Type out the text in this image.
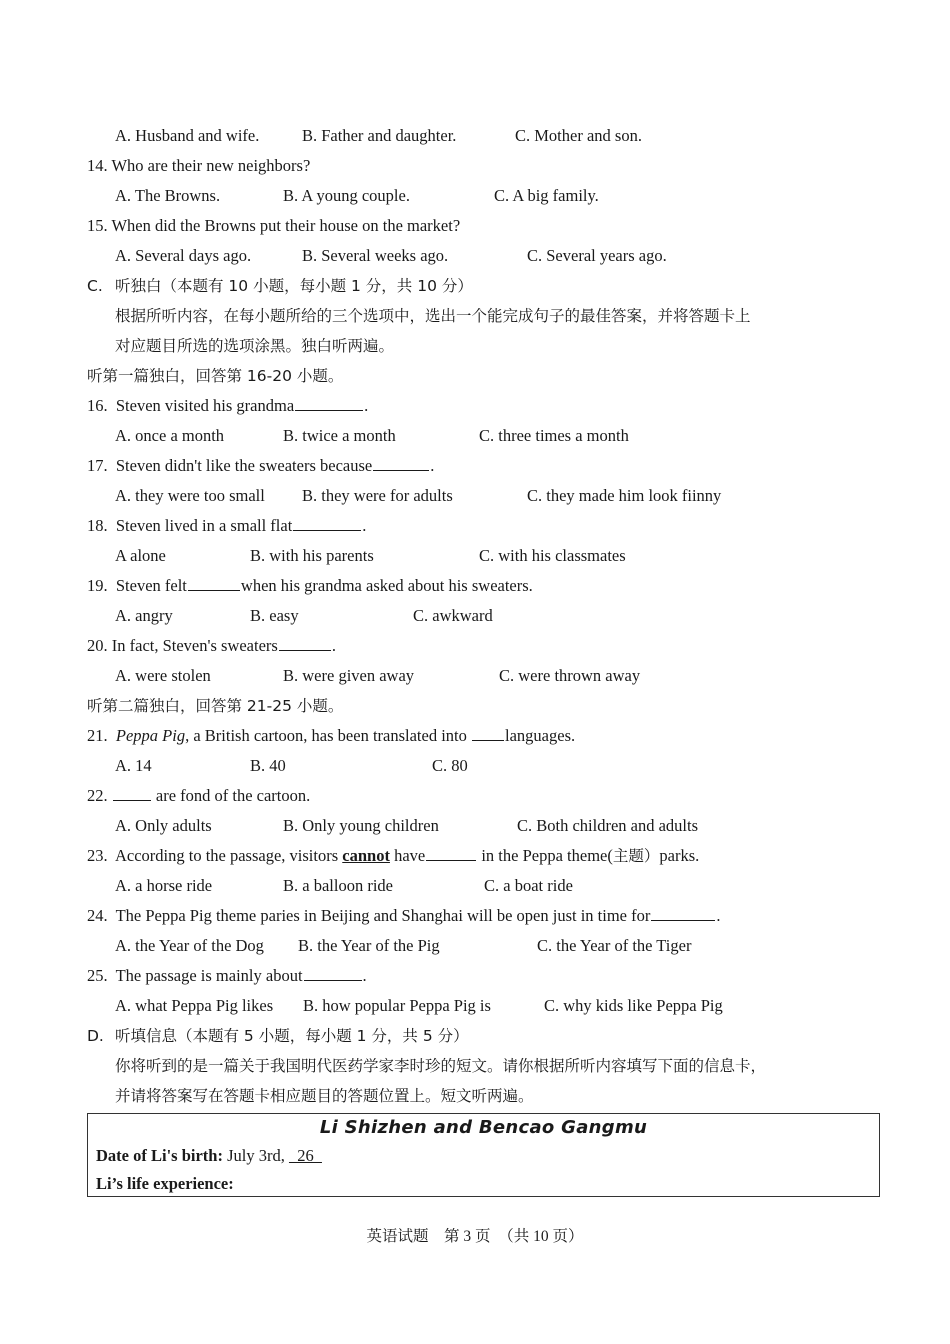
A. Husband and wife.

	B. Father and daughter.

	C. Mother and son.

14. Who are their new neighbors?

A. The Browns.

	B. A young couple.

	C. A big family.

15. When did the Browns put their house on the market?

A. Several days ago.

	B. Several weeks ago.

	C. Several years ago.

C.

听独白（本题有 10 小题，每小题 1 分，共 10 分）

根据所听内容，在每小题所给的三个选项中，选出一个能完成句子的最佳答案，并将答题卡上
对应题目所选的选项涂黑。独白听两遍。
听第一篇独白，回答第 16-20 小题。
16.  Steven visited his grandma	.

A. once a month

	B. twice a month

	C. three times a month

17.  Steven didn't like the sweaters because	.

A. they were too small

B. they were for adults

	C. they made him look fiinny

18.  Steven lived in a small flat	.

A alone

	B. with his parents

	C. with his classmates

19.  Steven felt	when his grandma asked about his sweaters.

A. angry

	B. easy

	C. awkward

20. In fact, Steven's sweaters	.

A. were stolen

	B. were given away

	C. were thrown away

听第二篇独白，回答第 21-25 小题。
21.  Peppa Pig, a British cartoon, has been translated into languages.

A. 14

	B. 40

	C. 80

22.  are fond of the cartoon.

A. Only adults

	B. Only young children

	C. Both children and adults

23.  According to the passage, visitors cannot have	in the Peppa theme(主题）parks.

A. a horse ride

	B. a balloon ride

	C. a boat ride

24.  The Peppa Pig theme paries in Beijing and Shanghai will be open just in time for	.

A. the Year of the Dog

B. the Year of the Pig

	C. the Year of the Tiger

25.  The passage is mainly about	.

A. what Peppa Pig likes

B. how popular Peppa Pig is

	C. why kids like Peppa Pig

D.

听填信息（本题有 5 小题，每小题 1 分，共 5 分）

你将听到的是一篇关于我国明代医药学家李时珍的短文。请你根据所听内容填写下面的信息卡，
并请将答案写在答题卡相应题目的答题位置上。短文听两遍。
Li Shizhen and Bencao Gangmu
Date of Li's birth: July 3rd,   26
Li’s life experience:
英语试题    第 3 页  （共 10 页）
